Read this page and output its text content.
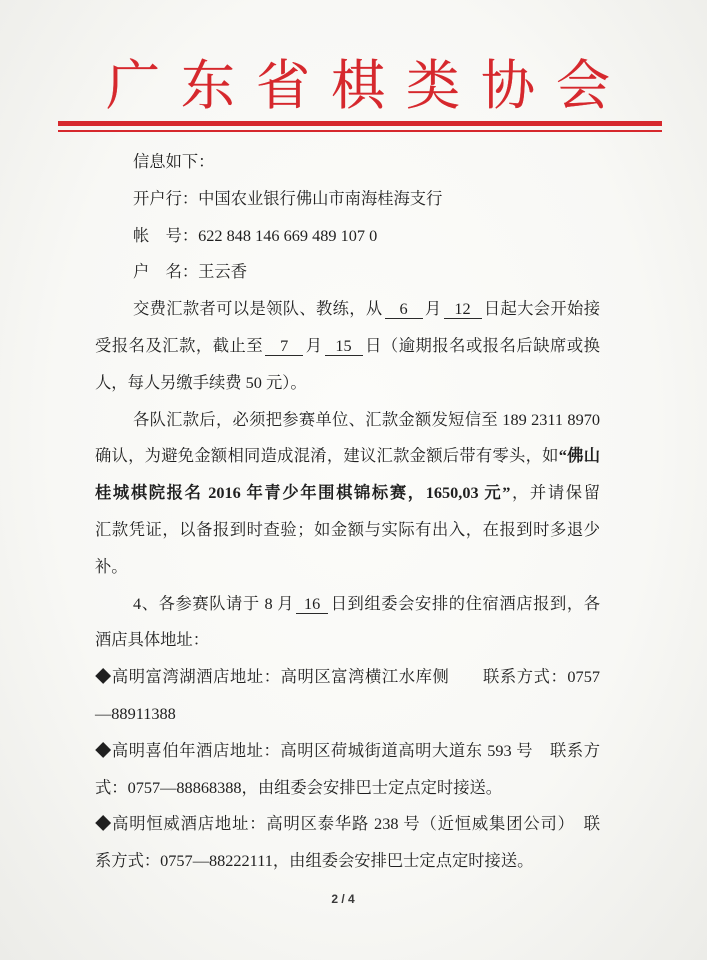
广东省棋类协会
信息如下：
开户行：中国农业银行佛山市南海桂海支行
帐　号：622 848 146 669 489 107 0
户　名：王云香
交费汇款者可以是领队、教练，从 6 月 12 日起大会开始接
受报名及汇款，截止至 7 月 15 日（逾期报名或报名后缺席或换
人，每人另缴手续费 50 元）。
各队汇款后，必须把参赛单位、汇款金额发短信至 189 2311 8970
确认，为避免金额相同造成混淆，建议汇款金额后带有零头，如“佛山
桂城棋院报名 2016 年青少年围棋锦标赛，1650,03 元”，并请保留
汇款凭证，以备报到时查验；如金额与实际有出入，在报到时多退少
补。
4、各参赛队请于 8 月 16 日到组委会安排的住宿酒店报到，各
酒店具体地址：
◆高明富湾湖酒店地址：高明区富湾横江水库侧　　联系方式：0757
—88911388
◆高明喜伯年酒店地址：高明区荷城街道高明大道东 593 号　联系方
式：0757—88868388，由组委会安排巴士定点定时接送。
◆高明恒威酒店地址：高明区泰华路 238 号（近恒威集团公司）　联
系方式：0757—88222111，由组委会安排巴士定点定时接送。
2 / 4
